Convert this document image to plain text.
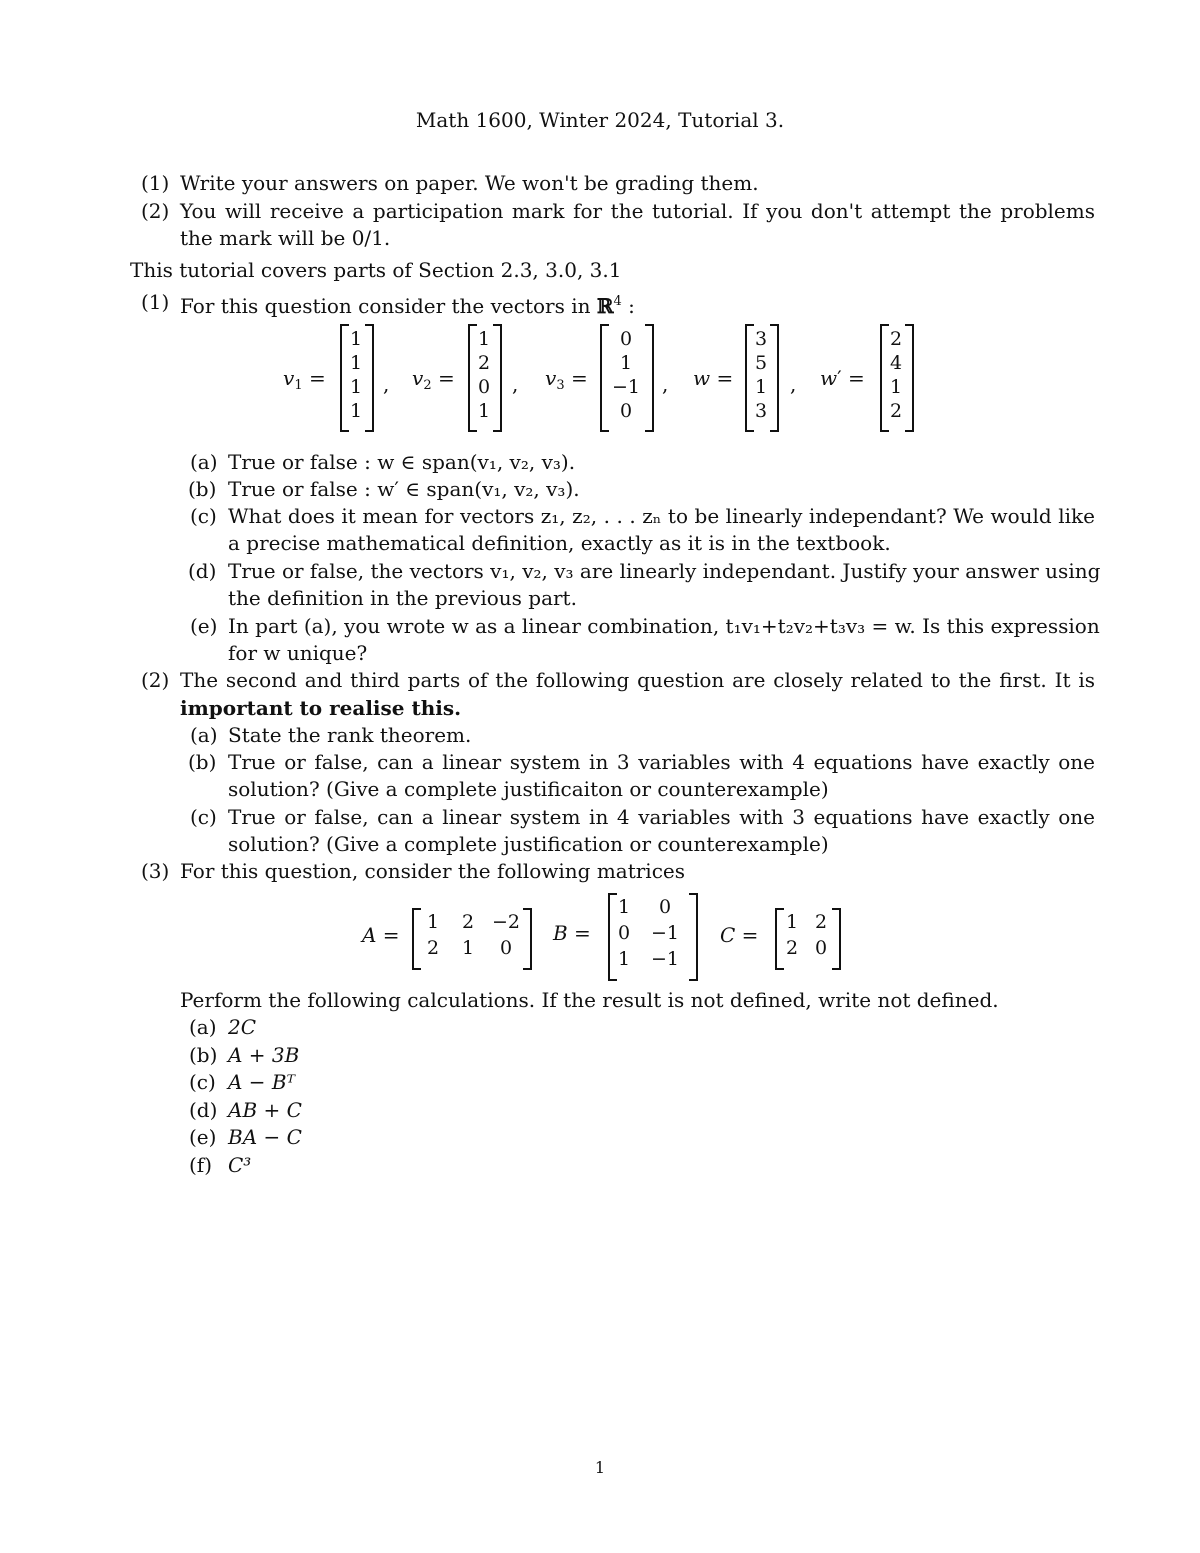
Math 1600, Winter 2024, Tutorial 3.
(1) Write your answers on paper. We won't be grading them.
(2) You will receive a participation mark for the tutorial. If you don't attempt the problems
the mark will be 0/1.
This tutorial covers parts of Section 2.3, 3.0, 3.1
(1) For this question consider the vectors in ℝ$^4$ :
$v_1$ =
1
1
1
1
, $v_2$ =
1
2
0
1
, $v_3$ =
0
1
−1
0
, w =
3
5
1
3
, w′ =
2
4
1
2
(a) True or false : w ∈ span(v₁, v₂, v₃).
(b) True or false : w′ ∈ span(v₁, v₂, v₃).
(c) What does it mean for vectors z₁, z₂, . . . zₙ to be linearly independant? We would like
a precise mathematical definition, exactly as it is in the textbook.
(d) True or false, the vectors v₁, v₂, v₃ are linearly independant. Justify your answer using
the definition in the previous part.
(e) In part (a), you wrote w as a linear combination, t₁v₁+t₂v₂+t₃v₃ = w. Is this expression
for w unique?
(2) The second and third parts of the following question are closely related to the first. It is
important to realise this.
(a) State the rank theorem.
(b) True or false, can a linear system in 3 variables with 4 equations have exactly one
solution? (Give a complete justificaiton or counterexample)
(c) True or false, can a linear system in 4 variables with 3 equations have exactly one
solution? (Give a complete justification or counterexample)
(3) For this question, consider the following matrices
A =
1	2 −2
2	1	0
B =
1	0
0	−1
1	−1
C =
1 2
2 0
Perform the following calculations. If the result is not defined, write not defined.
(a) 2C
(b) A + 3B
(c) A − Bᵀ
(d) AB + C
(e) BA − C
(f) C³
1
